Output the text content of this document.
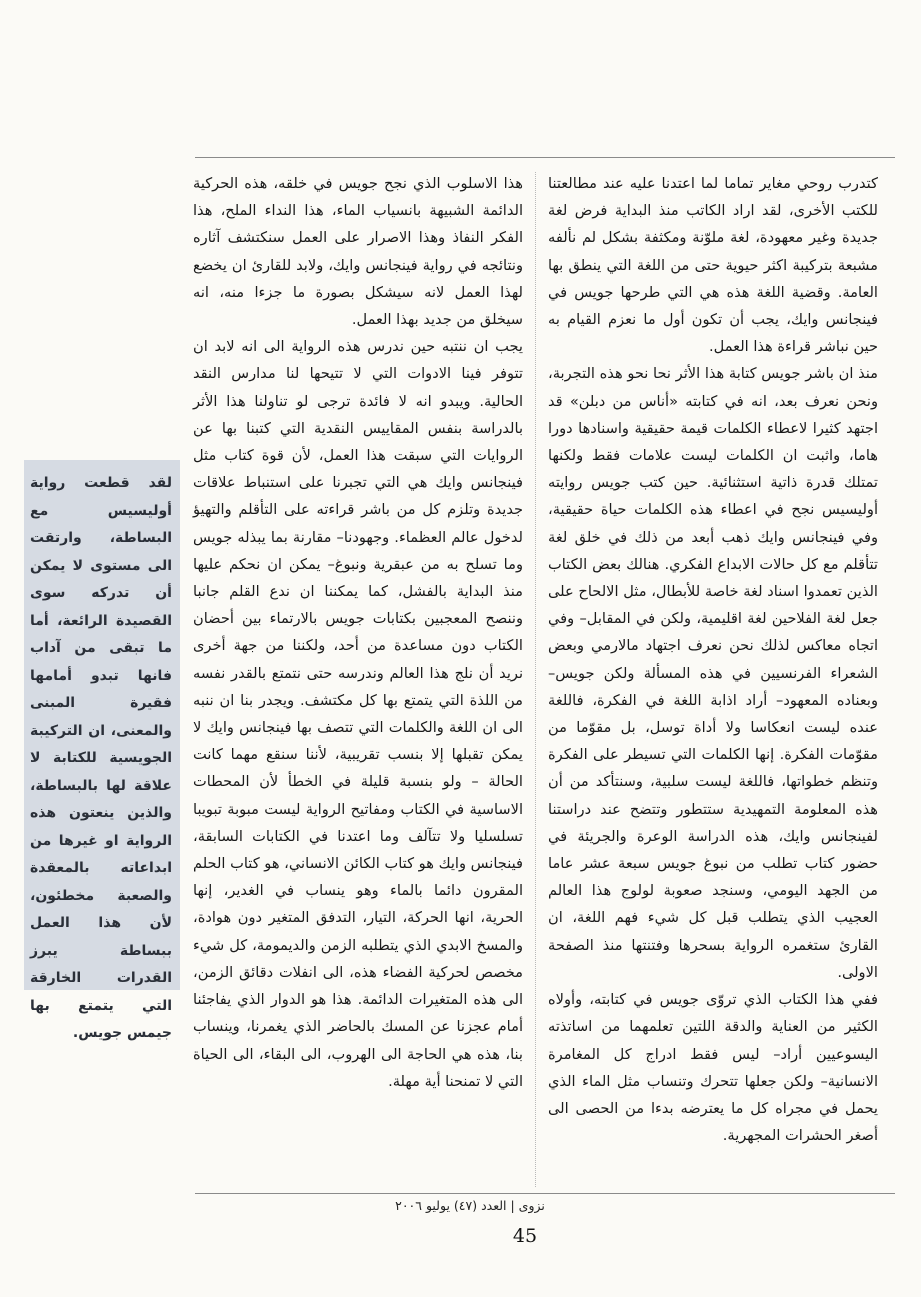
كتدرب روحي مغاير تماما لما اعتدنا عليه عند مطالعتنا للكتب الأخرى، لقد اراد الكاتب منذ البداية فرض لغة جديدة وغير معهودة، لغة ملوّنة ومكثفة بشكل لم نألفه مشبعة بتركيبة اكثر حيوية حتى من اللغة التي ينطق بها العامة. وقضية اللغة هذه هي التي طرحها جويس في فينجانس وايك، يجب أن تكون أول ما نعزم القيام به حين نباشر قراءة هذا العمل.

منذ ان باشر جويس كتابة هذا الأثر نحا نحو هذه التجربة، ونحن نعرف بعد، انه في كتابته «أناس من دبلن» قد اجتهد كثيرا لاعطاء الكلمات قيمة حقيقية واسنادها دورا هاما، واثبت ان الكلمات ليست علامات فقط ولكنها تمتلك قدرة ذاتية استثنائية. حين كتب جويس روايته أوليسيس نجح في اعطاء هذه الكلمات حياة حقيقية، وفي فينجانس وايك ذهب أبعد من ذلك في خلق لغة تتأقلم مع كل حالات الابداع الفكري. هنالك بعض الكتاب الذين تعمدوا اسناد لغة خاصة للأبطال، مثل الالحاح على جعل لغة الفلاحين لغة اقليمية، ولكن في المقابل– وفي اتجاه معاكس لذلك نحن نعرف اجتهاد مالارمي وبعض الشعراء الفرنسيين في هذه المسألة ولكن جويس– وبعناده المعهود– أراد اذابة اللغة في الفكرة، فاللغة عنده ليست انعكاسا ولا أداة توسل، بل مقوّما من مقوّمات الفكرة. إنها الكلمات التي تسيطر على الفكرة وتنظم خطواتها، فاللغة ليست سلبية، وسنتأكد من أن هذه المعلومة التمهيدية ستتطور وتتضح عند دراستنا لفينجانس وايك، هذه الدراسة الوعرة والجريئة في حضور كتاب تطلب من نبوغ جويس سبعة عشر عاما من الجهد اليومي، وسنجد صعوبة لولوج هذا العالم العجيب الذي يتطلب قبل كل شيء فهم اللغة، ان القارئ ستغمره الرواية بسحرها وفتنتها منذ الصفحة الاولى.

ففي هذا الكتاب الذي تروّى جويس في كتابته، وأولاه الكثير من العناية والدقة اللتين تعلمهما من اساتذته اليسوعيين أراد– ليس فقط ادراج كل المغامرة الانسانية– ولكن جعلها تتحرك وتنساب مثل الماء الذي يحمل في مجراه كل ما يعترضه بدءا من الحصى الى أصغر الحشرات المجهرية.

هذا الاسلوب الذي نجح جويس في خلقه، هذه الحركية الدائمة الشبيهة بانسياب الماء، هذا النداء الملح، هذا الفكر النفاذ وهذا الاصرار على العمل سنكتشف آثاره ونتائجه في رواية فينجانس وايك، ولابد للقارئ ان يخضع لهذا العمل لانه سيشكل بصورة ما جزءا منه، انه سيخلق من جديد بهذا العمل.

يجب ان ننتبه حين ندرس هذه الرواية الى انه لابد ان تتوفر فينا الادوات التي لا تتيحها لنا مدارس النقد الحالية. ويبدو انه لا فائدة ترجى لو تناولنا هذا الأثر بالدراسة بنفس المقاييس النقدية التي كتبنا بها عن الروايات التي سبقت هذا العمل، لأن قوة كتاب مثل فينجانس وايك هي التي تجبرنا على استنباط علاقات جديدة وتلزم كل من باشر قراءته على التأقلم والتهيؤ لدخول عالم العظماء. وجهودنا– مقارنة بما يبذله جويس وما تسلح به من عبقرية ونبوغ– يمكن ان نحكم عليها منذ البداية بالفشل، كما يمكننا ان ندع القلم جانبا وننصح المعجبين بكتابات جويس بالارتماء بين أحضان الكتاب دون مساعدة من أحد، ولكننا من جهة أخرى نريد أن نلج هذا العالم وندرسه حتى نتمتع بالقدر نفسه من اللذة التي يتمتع بها كل مكتشف. ويجدر بنا ان ننبه الى ان اللغة والكلمات التي تتصف بها فينجانس وايك لا يمكن تقبلها إلا بنسب تقريبية، لأننا سنقع مهما كانت الحالة – ولو بنسبة قليلة في الخطأ لأن المحطات الاساسية في الكتاب ومفاتيح الرواية ليست مبوبة تبويبا تسلسليا ولا تتآلف وما اعتدنا في الكتابات السابقة، فينجانس وايك هو كتاب الكائن الانساني، هو كتاب الحلم المقرون دائما بالماء وهو ينساب في الغدير، إنها الحرية، انها الحركة، التيار، التدفق المتغير دون هوادة، والمسخ الابدي الذي يتطلبه الزمن والديمومة، كل شيء مخصص لحركية الفضاء هذه، الى انفلات دقائق الزمن، الى هذه المتغيرات الدائمة. هذا هو الدوار الذي يفاجئنا أمام عجزنا عن المسك بالحاضر الذي يغمرنا، وينساب بنا، هذه هي الحاجة الى الهروب، الى البقاء، الى الحياة التي لا تمنحنا أية مهلة.

لقد قطعت رواية أوليسيس مع البساطة، وارتقت الى مستوى لا يمكن أن تدركه سوى القصيدة الرائعة، أما ما تبقى من آداب فانها تبدو أمامها فقيرة المبنى والمعنى، ان التركيبة الجويسية للكتابة لا علاقة لها بالبساطة، والذين ينعتون هذه الرواية او غيرها من ابداعاته بالمعقدة والصعبة مخطئون، لأن هذا العمل ببساطة يبرز القدرات الخارقة التي يتمتع بها جيمس جويس.
نزوى | العدد (٤٧) يوليو ٢٠٠٦
45
